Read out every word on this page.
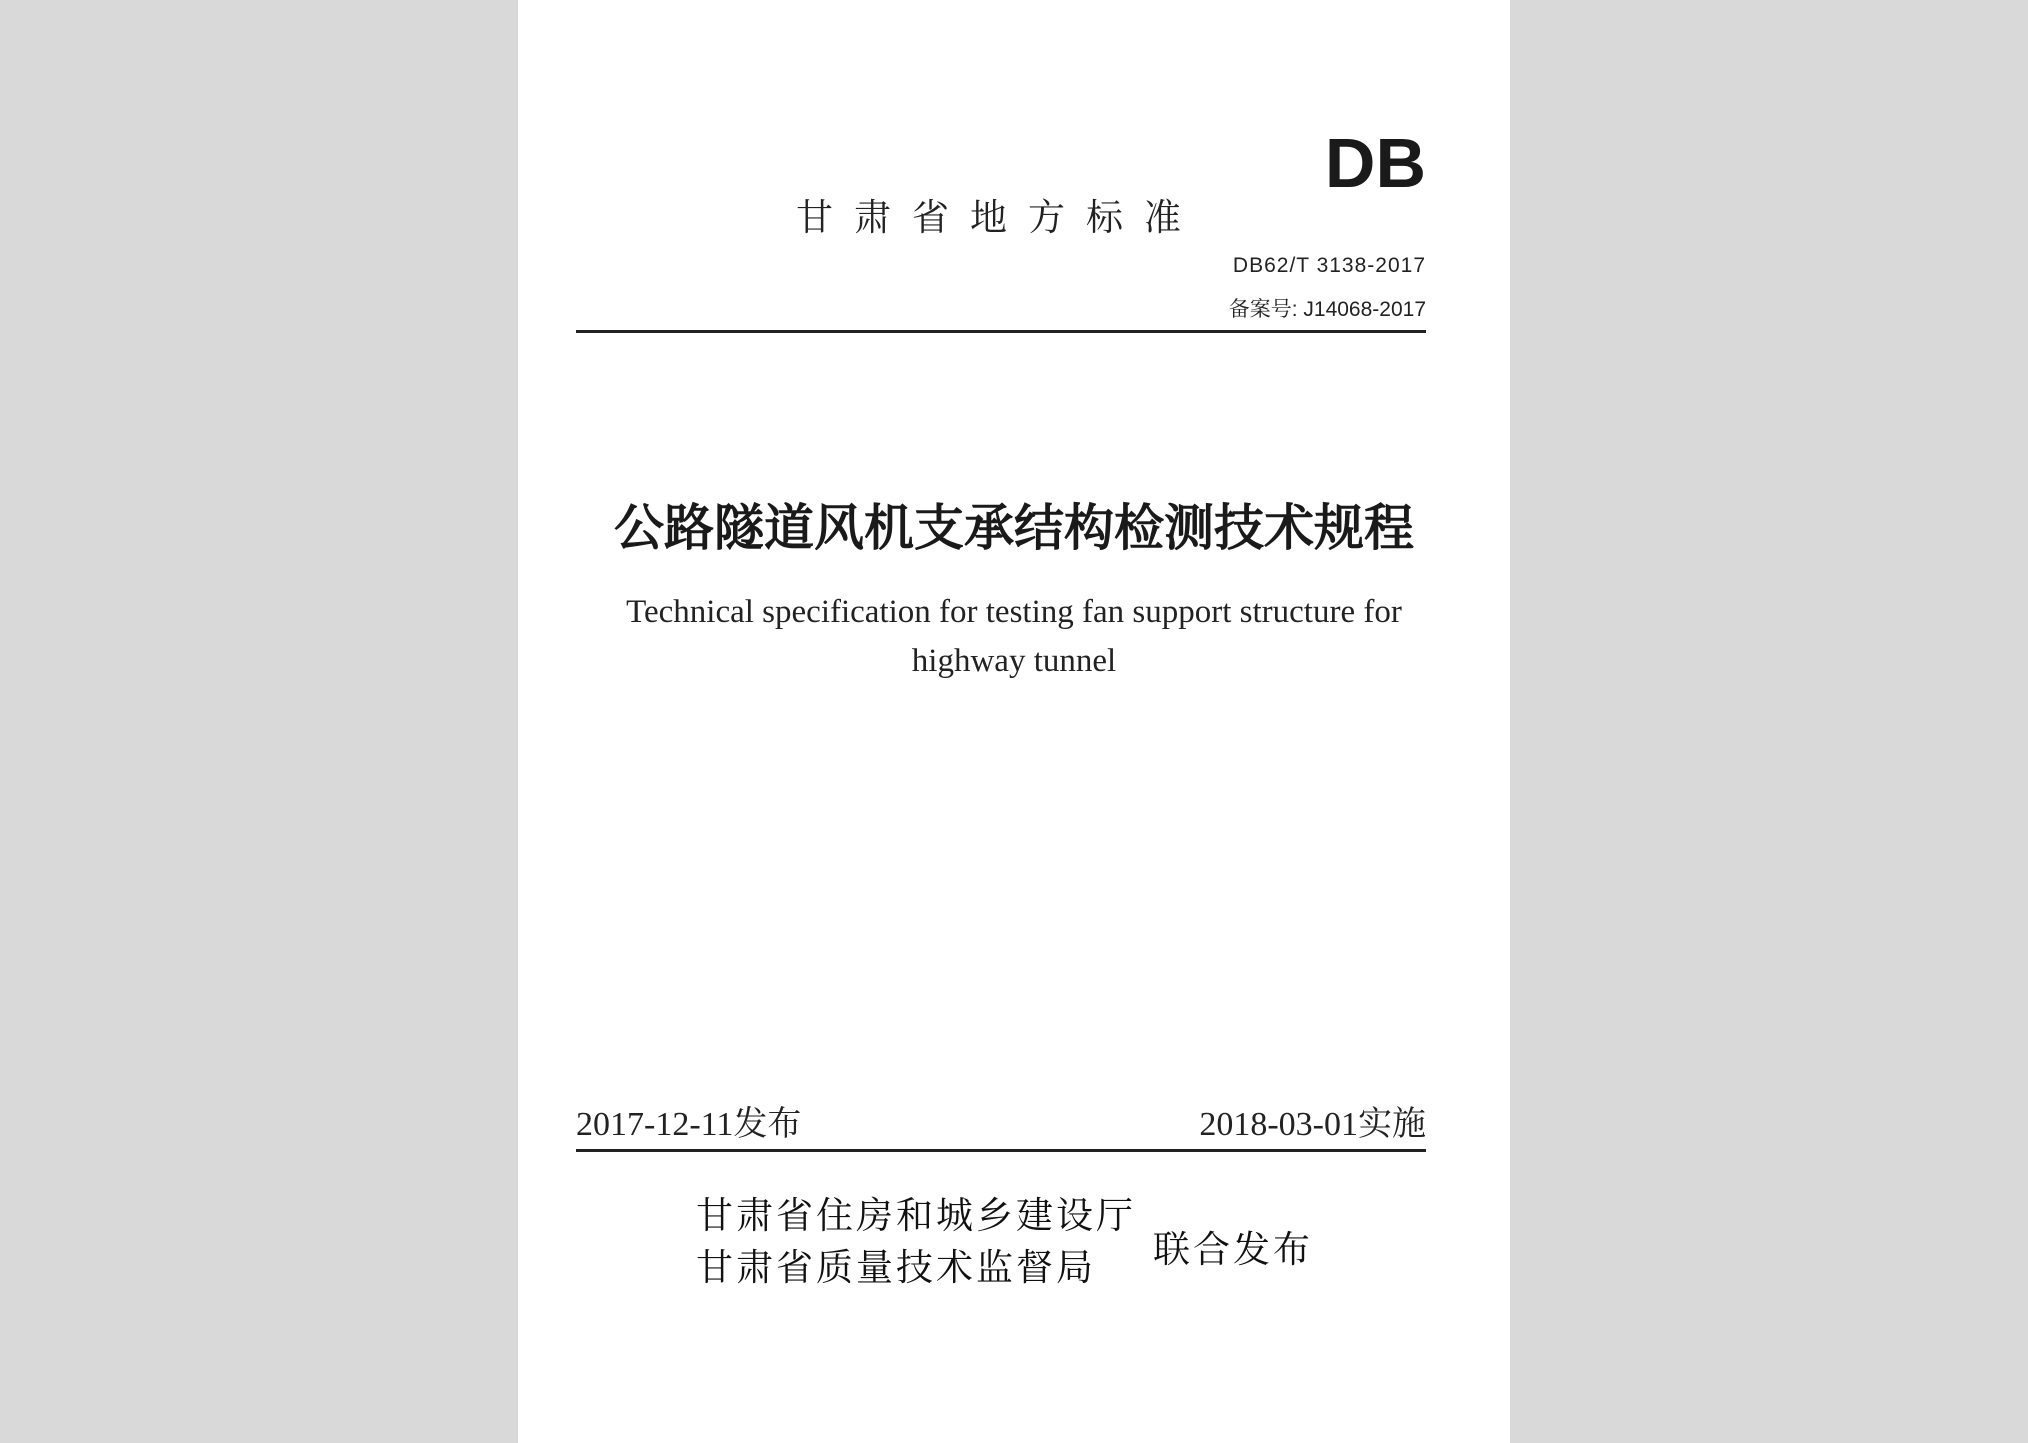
甘肃省地方标准
DB
DB62/T 3138-2017
备案号: J14068-2017
公路隧道风机支承结构检测技术规程
Technical specification for testing fan support structure for
highway tunnel
2017-12-11发布	2018-03-01实施
甘肃省住房和城乡建设厅
甘肃省质量技术监督局	联合发布
